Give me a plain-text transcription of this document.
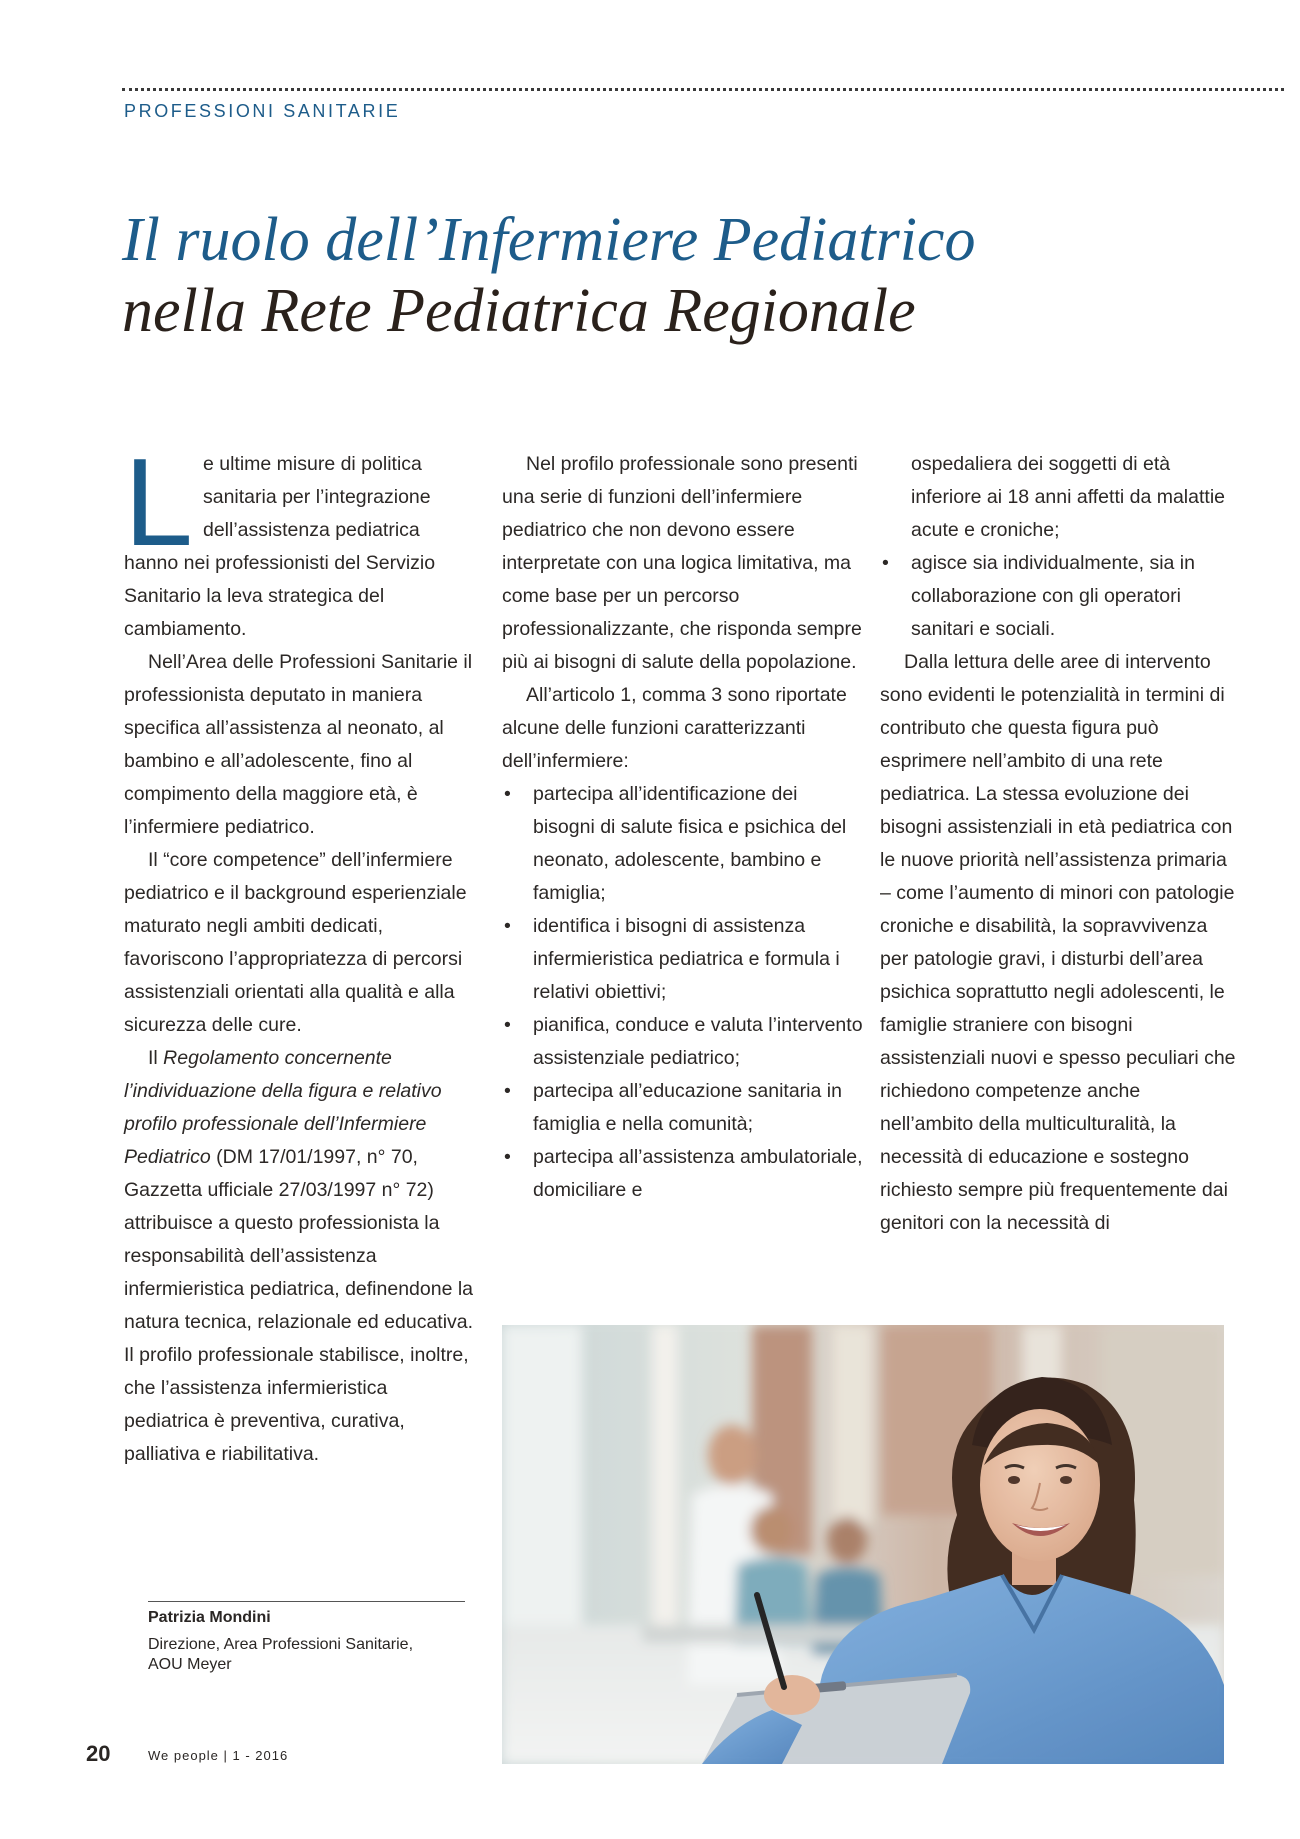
PROFESSIONI SANITARIE
Il ruolo dell’Infermiere Pediatrico
nella Rete Pediatrica Regionale

Le ultime misure di politica sanitaria per l’integrazione dell’assistenza pediatrica hanno nei professionisti del Servizio Sanitario la leva strategica del cambiamento.

Nell’Area delle Professioni Sanitarie il professionista deputato in maniera specifica all’assistenza al neonato, al bambino e all’adolescente, fino al compimento della maggiore età, è l’infermiere pediatrico.

Il “core competence” dell’infermiere pediatrico e il background esperienziale maturato negli ambiti dedicati, favoriscono l’appropriatezza di percorsi assistenziali orientati alla qualità e alla sicurezza delle cure.

Il Regolamento concernente l’individuazione della figura e relativo profilo professionale dell’Infermiere Pediatrico (DM 17/01/1997, n° 70, Gazzetta ufficiale 27/03/1997 n° 72) attribuisce a questo professionista la responsabilità dell’assistenza infermieristica pediatrica, definendone la natura tecnica, relazionale ed educativa. Il profilo professionale stabilisce, inoltre, che l’assistenza infermieristica pediatrica è preventiva, curativa, palliativa e riabilitativa.

Nel profilo professionale sono presenti una serie di funzioni dell’infermiere pediatrico che non devono essere interpretate con una logica limitativa, ma come base per un percorso professionalizzante, che risponda sempre più ai bisogni di salute della popolazione.

All’articolo 1, comma 3 sono riportate alcune delle funzioni caratterizzanti dell’infermiere:

• partecipa all’identificazione dei bisogni di salute fisica e psichica del neonato, adolescente, bambino e famiglia;
• identifica i bisogni di assistenza infermieristica pediatrica e formula i relativi obiettivi;
• pianifica, conduce e valuta l’intervento assistenziale pediatrico;
• partecipa all’educazione sanitaria in famiglia e nella comunità;
• partecipa all’assistenza ambulatoriale, domiciliare e
ospedaliera dei soggetti di età inferiore ai 18 anni affetti da malattie acute e croniche;
• agisce sia individualmente, sia in collaborazione con gli operatori sanitari e sociali.

Dalla lettura delle aree di intervento sono evidenti le potenzialità in termini di contributo che questa figura può esprimere nell’ambito di una rete pediatrica. La stessa evoluzione dei bisogni assistenziali in età pediatrica con le nuove priorità nell’assistenza primaria – come l’aumento di minori con patologie croniche e disabilità, la sopravvivenza per patologie gravi, i disturbi dell’area psichica soprattutto negli adolescenti, le famiglie straniere con bisogni assistenziali nuovi e spesso peculiari che richiedono competenze anche nell’ambito della multiculturalità, la necessità di educazione e sostegno richiesto sempre più frequentemente dai genitori con la necessità di

Patrizia Mondini
Direzione, Area Professioni Sanitarie,
AOU Meyer
20	We people | 1 - 2016
